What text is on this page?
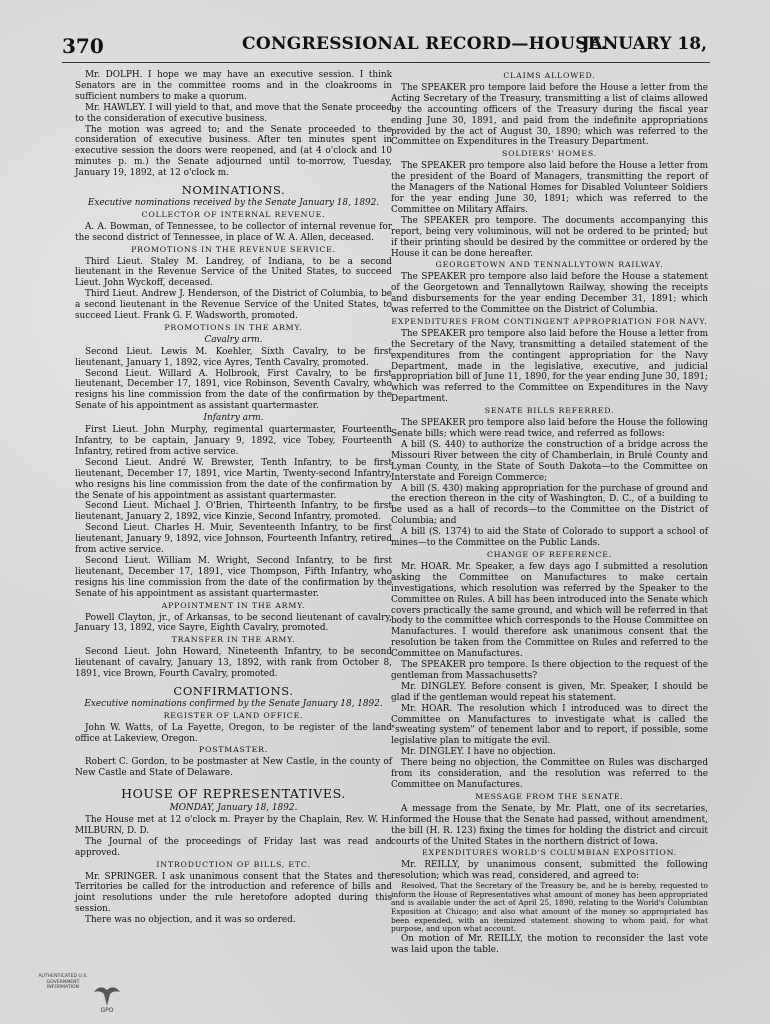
370	CONGRESSIONAL RECORD—HOUSE.
JANUARY 18,

Mr. DOLPH. I hope we may have an executive session. I think Senators are in the committee rooms and in the cloakrooms in sufficient numbers to make a quorum.

Mr. HAWLEY. I will yield to that, and move that the Senate proceed to the consideration of executive business.

The motion was agreed to; and the Senate proceeded to the consideration of executive business. After ten minutes spent in executive session the doors were reopened, and (at 4 o'clock and 10 minutes p. m.) the Senate adjourned until to-morrow, Tuesday, January 19, 1892, at 12 o'clock m.

NOMINATIONS.
Executive nominations received by the Senate January 18, 1892.
COLLECTOR OF INTERNAL REVENUE.

A. A. Bowman, of Tennessee, to be collector of internal revenue for the second district of Tennessee, in place of W. A. Allen, deceased.

PROMOTIONS IN THE REVENUE SERVICE.

Third Lieut. Staley M. Landrey, of Indiana, to be a second lieutenant in the Revenue Service of the United States, to succeed Lieut. John Wyckoff, deceased.

Third Lieut. Andrew J. Henderson, of the District of Columbia, to be a second lieutenant in the Revenue Service of the United States, to succeed Lieut. Frank G. F. Wadsworth, promoted.

PROMOTIONS IN THE ARMY.
Cavalry arm.

Second Lieut. Lewis M. Koehler, Sixth Cavalry, to be first lieutenant, January 1, 1892, vice Ayres, Tenth Cavalry, promoted.

Second Lieut. Willard A. Holbrook, First Cavalry, to be first lieutenant, December 17, 1891, vice Robinson, Seventh Cavalry, who resigns his line commission from the date of the confirmation by the Senate of his appointment as assistant quartermaster.

Infantry arm.

First Lieut. John Murphy, regimental quartermaster, Fourteenth Infantry, to be captain, January 9, 1892, vice Tobey, Fourteenth Infantry, retired from active service.

Second Lieut. André W. Brewster, Tenth Infantry, to be first lieutenant, December 17, 1891, vice Martin, Twenty-second Infantry, who resigns his line commission from the date of the confirmation by the Senate of his appointment as assistant quartermaster.

Second Lieut. Michael J. O'Brien, Thirteenth Infantry, to be first lieutenant, January 2, 1892, vice Kinzie, Second Infantry, promoted.

Second Lieut. Charles H. Muir, Seventeenth Infantry, to be first lieutenant, January 9, 1892, vice Johnson, Fourteenth Infantry, retired from active service.

Second Lieut. William M. Wright, Second Infantry, to be first lieutenant, December 17, 1891, vice Thompson, Fifth Infantry, who resigns his line commission from the date of the confirmation by the Senate of his appointment as assistant quartermaster.

APPOINTMENT IN THE ARMY.

Powell Clayton, jr., of Arkansas, to be second lieutenant of cavalry, January 13, 1892, vice Sayre, Eighth Cavalry, promoted.

TRANSFER IN THE ARMY.

Second Lieut. John Howard, Nineteenth Infantry, to be second lieutenant of cavalry, January 13, 1892, with rank from October 8, 1891, vice Brown, Fourth Cavalry, promoted.

CONFIRMATIONS.
Executive nominations confirmed by the Senate January 18, 1892.
REGISTER OF LAND OFFICE.

John W. Watts, of La Fayette, Oregon, to be register of the land office at Lakeview, Oregon.

POSTMASTER.

Robert C. Gordon, to be postmaster at New Castle, in the county of New Castle and State of Delaware.

HOUSE OF REPRESENTATIVES.
MONDAY, January 18, 1892.

The House met at 12 o'clock m. Prayer by the Chaplain, Rev. W. H. MILBURN, D. D.

The Journal of the proceedings of Friday last was read and approved.

INTRODUCTION OF BILLS, ETC.

Mr. SPRINGER. I ask unanimous consent that the States and the Territories be called for the introduction and reference of bills and joint resolutions under the rule heretofore adopted during this session.

There was no objection, and it was so ordered.

CLAIMS ALLOWED.

The SPEAKER pro tempore laid before the House a letter from the Acting Secretary of the Treasury, transmitting a list of claims allowed by the accounting officers of the Treasury during the fiscal year ending June 30, 1891, and paid from the indefinite appropriations provided by the act of August 30, 1890; which was referred to the Committee on Expenditures in the Treasury Department.

SOLDIERS' HOMES.

The SPEAKER pro tempore also laid before the House a letter from the president of the Board of Managers, transmitting the report of the Managers of the National Homes for Disabled Volunteer Soldiers for the year ending June 30, 1891; which was referred to the Committee on Military Affairs.

The SPEAKER pro tempore. The documents accompanying this report, being very voluminous, will not be ordered to be printed; but if their printing should be desired by the committee or ordered by the House it can be done hereafter.

GEORGETOWN AND TENNALLYTOWN RAILWAY.

The SPEAKER pro tempore also laid before the House a statement of the Georgetown and Tennallytown Railway, showing the receipts and disbursements for the year ending December 31, 1891; which was referred to the Committee on the District of Columbia.

EXPENDITURES FROM CONTINGENT APPROPRIATION FOR NAVY.

The SPEAKER pro tempore also laid before the House a letter from the Secretary of the Navy, transmitting a detailed statement of the expenditures from the contingent appropriation for the Navy Department, made in the legislative, executive, and judicial appropriation bill of June 11, 1890, for the year ending June 30, 1891; which was referred to the Committee on Expenditures in the Navy Department.

SENATE BILLS REFERRED.

The SPEAKER pro tempore also laid before the House the following Senate bills; which were read twice, and referred as follows:

A bill (S. 440) to authorize the construction of a bridge across the Missouri River between the city of Chamberlain, in Brulé County and Lyman County, in the State of South Dakota—to the Committee on Interstate and Foreign Commerce;

A bill (S. 430) making appropriation for the purchase of ground and the erection thereon in the city of Washington, D. C., of a building to be used as a hall of records—to the Committee on the District of Columbia; and

A bill (S. 1374) to aid the State of Colorado to support a school of mines—to the Committee on the Public Lands.

CHANGE OF REFERENCE.

Mr. HOAR. Mr. Speaker, a few days ago I submitted a resolution asking the Committee on Manufactures to make certain investigations, which resolution was referred by the Speaker to the Committee on Rules. A bill has been introduced into the Senate which covers practically the same ground, and which will be referred in that body to the committee which corresponds to the House Committee on Manufactures. I would therefore ask unanimous consent that the resolution be taken from the Committee on Rules and referred to the Committee on Manufactures.

The SPEAKER pro tempore. Is there objection to the request of the gentleman from Massachusetts?

Mr. DINGLEY. Before consent is given, Mr. Speaker, I should be glad if the gentleman would repeat his statement.

Mr. HOAR. The resolution which I introduced was to direct the Committee on Manufactures to investigate what is called the "sweating system" of tenement labor and to report, if possible, some legislative plan to mitigate the evil.

Mr. DINGLEY. I have no objection.

There being no objection, the Committee on Rules was discharged from its consideration, and the resolution was referred to the Committee on Manufactures.

MESSAGE FROM THE SENATE.

A message from the Senate, by Mr. Platt, one of its secretaries, informed the House that the Senate had passed, without amendment, the bill (H. R. 123) fixing the times for holding the district and circuit courts of the United States in the northern district of Iowa.

EXPENDITURES WORLD'S COLUMBIAN EXPOSITION.

Mr. REILLY, by unanimous consent, submitted the following resolution; which was read, considered, and agreed to:

Resolved, That the Secretary of the Treasury be, and he is hereby, requested to inform the House of Representatives what amount of money has been appropriated and is available under the act of April 25, 1890, relating to the World's Columbian Exposition at Chicago; and also what amount of the money so appropriated has been expended, with an itemized statement showing to whom paid, for what purpose, and upon what account.

On motion of Mr. REILLY, the motion to reconsider the last vote was laid upon the table.

AUTHENTICATED U.S. GOVERNMENT INFORMATION
GPO
